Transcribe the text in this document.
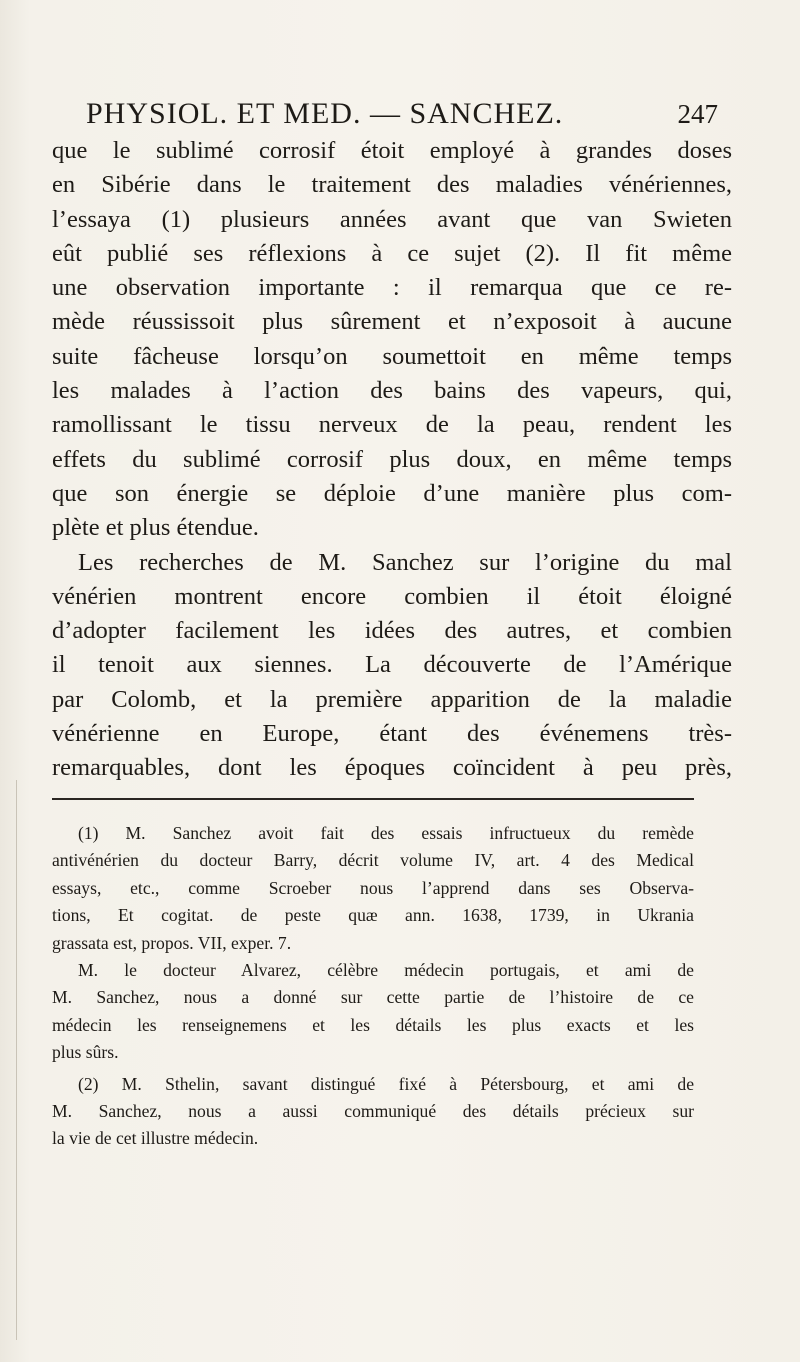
PHYSIOL. ET MED. — SANCHEZ.	247
que le sublimé corrosif étoit employé à grandes doses
en Sibérie dans le traitement des maladies vénériennes,
l’essaya (1) plusieurs années avant que van Swieten
eût publié ses réflexions à ce sujet (2). Il fit même
une observation importante : il remarqua que ce re-
mède réussissoit plus sûrement et n’exposoit à aucune
suite fâcheuse lorsqu’on soumettoit en même temps
les malades à l’action des bains des vapeurs, qui,
ramollissant le tissu nerveux de la peau, rendent les
effets du sublimé corrosif plus doux, en même temps
que son énergie se déploie d’une manière plus com-
plète et plus étendue.
Les recherches de M. Sanchez sur l’origine du mal
vénérien montrent encore combien il étoit éloigné
d’adopter facilement les idées des autres, et combien
il tenoit aux siennes. La découverte de l’Amérique
par Colomb, et la première apparition de la maladie
vénérienne en Europe, étant des événemens très-
remarquables, dont les époques coïncident à peu près,
(1) M. Sanchez avoit fait des essais infructueux du remède
antivénérien du docteur Barry, décrit volume IV, art. 4 des Medical
essays, etc., comme Scroeber nous l’apprend dans ses Observa-
tions, Et cogitat. de peste quæ ann. 1638, 1739, in Ukrania
grassata est, propos. VII, exper. 7.
M. le docteur Alvarez, célèbre médecin portugais, et ami de
M. Sanchez, nous a donné sur cette partie de l’histoire de ce
médecin les renseignemens et les détails les plus exacts et les
plus sûrs.
(2) M. Sthelin, savant distingué fixé à Pétersbourg, et ami de
M. Sanchez, nous a aussi communiqué des détails précieux sur
la vie de cet illustre médecin.
